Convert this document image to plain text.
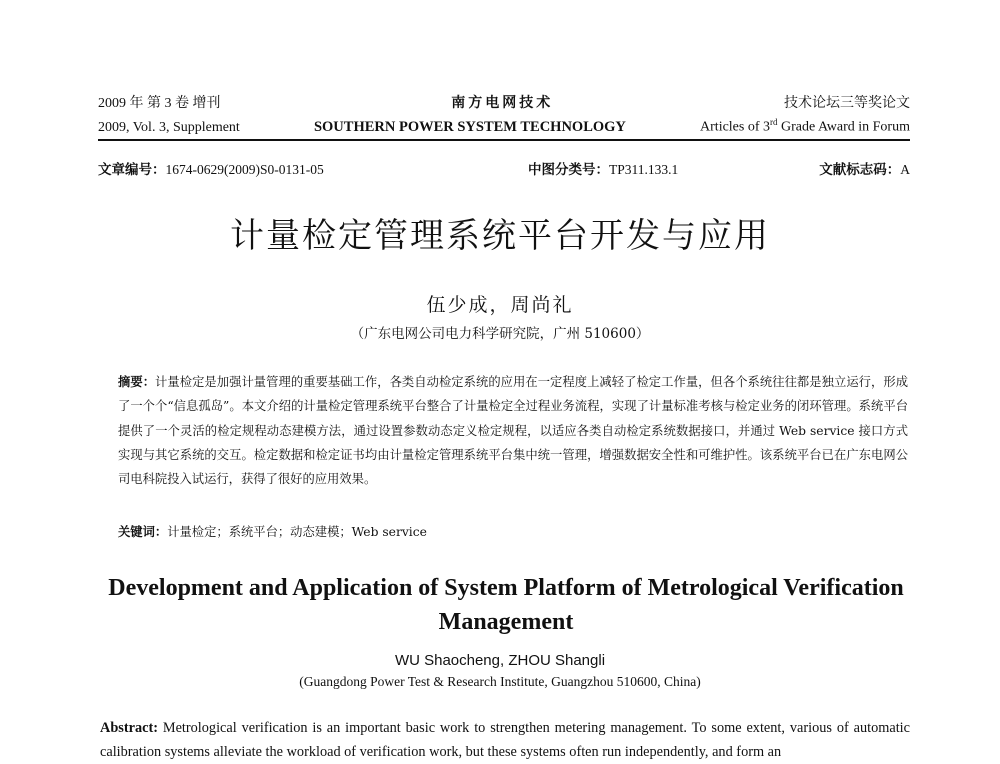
2009 年 第 3 卷 增刊	南方电网技术	技术论坛三等奖论文
2009, Vol. 3, Supplement	SOUTHERN POWER SYSTEM TECHNOLOGY	Articles of 3rd Grade Award in Forum
文章编号：1674-0629(2009)S0-0131-05	中图分类号：TP311.133.1	文献标志码：A
计量检定管理系统平台开发与应用
伍少成，周尚礼
（广东电网公司电力科学研究院，广州 510600）
摘要：计量检定是加强计量管理的重要基础工作，各类自动检定系统的应用在一定程度上减轻了检定工作量，但各个系统往往都是独立运行，形成了一个个“信息孤岛”。本文介绍的计量检定管理系统平台整合了计量检定全过程业务流程，实现了计量标准考核与检定业务的闭环管理。系统平台提供了一个灵活的检定规程动态建模方法，通过设置参数动态定义检定规程，以适应各类自动检定系统数据接口，并通过 Web service 接口方式实现与其它系统的交互。检定数据和检定证书均由计量检定管理系统平台集中统一管理，增强数据安全性和可维护性。该系统平台已在广东电网公司电科院投入试运行，获得了很好的应用效果。
关键词：计量检定；系统平台；动态建模；Web service
Development and Application of System Platform of Metrological Verification
Management
WU Shaocheng, ZHOU Shangli
(Guangdong Power Test & Research Institute, Guangzhou 510600, China)
Abstract: Metrological verification is an important basic work to strengthen metering management. To some extent, various of automatic calibration systems alleviate the workload of verification work, but these systems often run independently, and form an
